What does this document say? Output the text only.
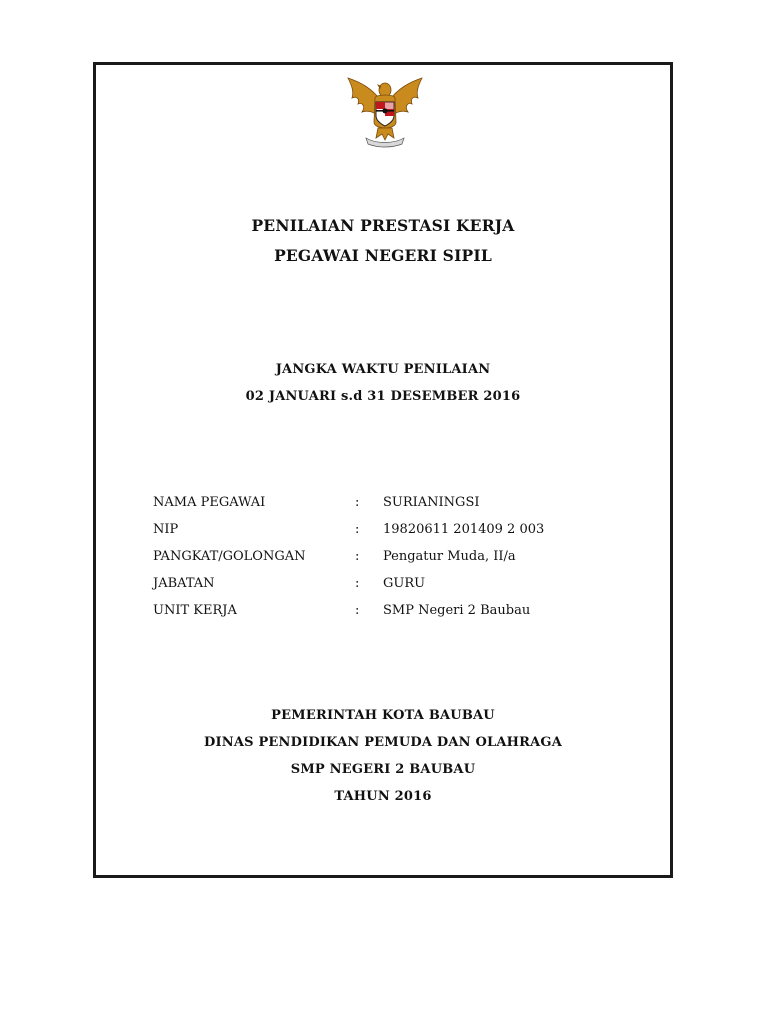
PENILAIAN PRESTASI KERJA
PEGAWAI NEGERI SIPIL
JANGKA WAKTU PENILAIAN
02 JANUARI s.d 31 DESEMBER 2016
NAMA PEGAWAI	: SURIANINGSI
NIP	: 19820611 201409 2 003
PANGKAT/GOLONGAN	: Pengatur Muda, II/a
JABATAN	: GURU
UNIT KERJA	: SMP Negeri 2 Baubau
PEMERINTAH KOTA BAUBAU
DINAS PENDIDIKAN PEMUDA DAN OLAHRAGA
SMP NEGERI 2 BAUBAU
TAHUN 2016
